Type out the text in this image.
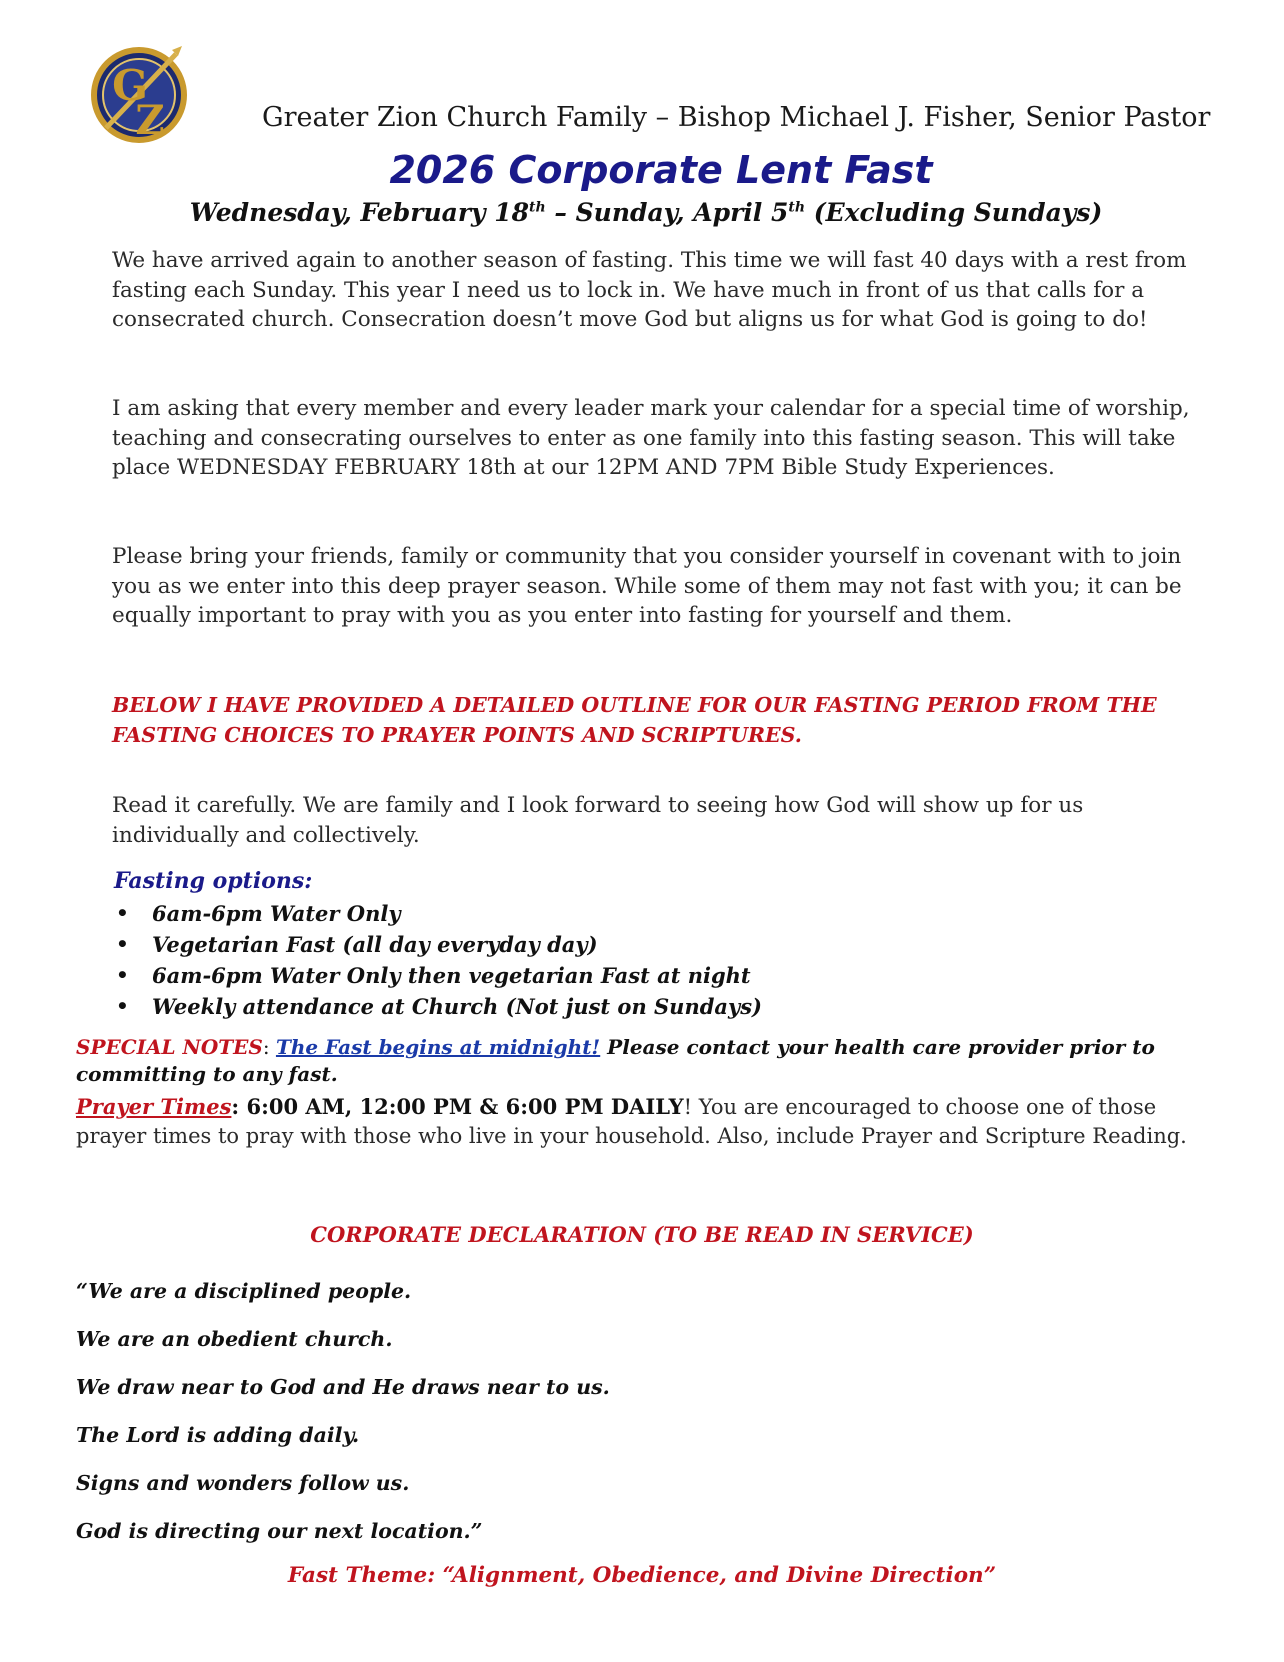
G
Z	Greater Zion Church Family – Bishop Michael J. Fisher, Senior Pastor
2026 Corporate Lent Fast
Wednesday, February 18th – Sunday, April 5th (Excluding Sundays)

We have arrived again to another season of fasting. This time we will fast 40 days with a rest from fasting each Sunday. This year I need us to lock in. We have much in front of us that calls for a consecrated church. Consecration doesn’t move God but aligns us for what God is going to do!

I am asking that every member and every leader mark your calendar for a special time of worship, teaching and consecrating ourselves to enter as one family into this fasting season. This will take place WEDNESDAY FEBRUARY 18th at our 12PM AND 7PM Bible Study Experiences.

Please bring your friends, family or community that you consider yourself in covenant with to join you as we enter into this deep prayer season. While some of them may not fast with you; it can be equally important to pray with you as you enter into fasting for yourself and them.

BELOW I HAVE PROVIDED A DETAILED OUTLINE FOR OUR FASTING PERIOD FROM THE FASTING CHOICES TO PRAYER POINTS AND SCRIPTURES.

Read it carefully. We are family and I look forward to seeing how God will show up for us individually and collectively.

Fasting options:
• 6am-6pm Water Only
• Vegetarian Fast (all day everyday day)
• 6am-6pm Water Only then vegetarian Fast at night
• Weekly attendance at Church (Not just on Sundays)

SPECIAL NOTES: The Fast begins at midnight! Please contact your health care provider prior to committing to any fast.

Prayer Times: 6:00 AM, 12:00 PM & 6:00 PM DAILY! You are encouraged to choose one of those prayer times to pray with those who live in your household. Also, include Prayer and Scripture Reading.

CORPORATE DECLARATION (TO BE READ IN SERVICE)

“We are a disciplined people.

We are an obedient church.

We draw near to God and He draws near to us.

The Lord is adding daily.

Signs and wonders follow us.

God is directing our next location.”

Fast Theme: “Alignment, Obedience, and Divine Direction”
